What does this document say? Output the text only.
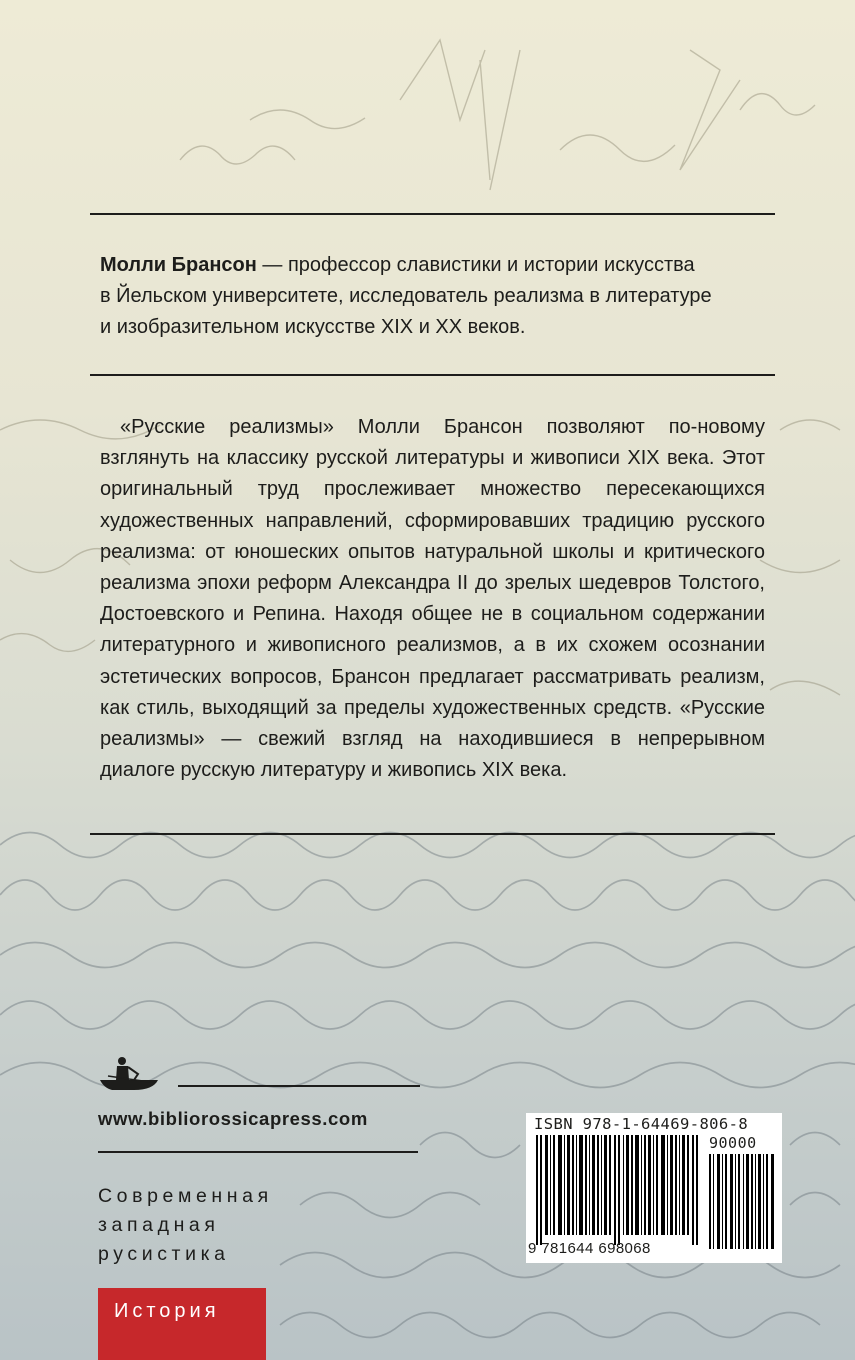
Молли Брансон — профессор славистики и истории искусства
в Йельском университете, исследователь реализма в литературе
и изобразительном искусстве XIX и XX веков.

«Русские реализмы» Молли Брансон позволяют по-новому взглянуть на классику русской литературы и живописи XIX века. Этот оригинальный труд прослеживает множество пересекающихся художественных направлений, сформировавших традицию русского реализма: от юношеских опытов натуральной школы и критического реализма эпохи реформ Александра II до зрелых шедевров Толстого, Достоевского и Репина. Находя общее не в социальном содержании литературного и живописного реализмов, а в их схожем осознании эстетических вопросов, Брансон предлагает рассматривать реализм, как стиль, выходящий за пределы художественных средств. «Русские реализмы» — свежий взгляд на находившиеся в непрерывном диалоге русскую литературу и живопись XIX века.

www.bibliorossicapress.com

Современная
западная
русистика

История

ISBN 978-1-64469-806-8
90000
9 781644 698068
